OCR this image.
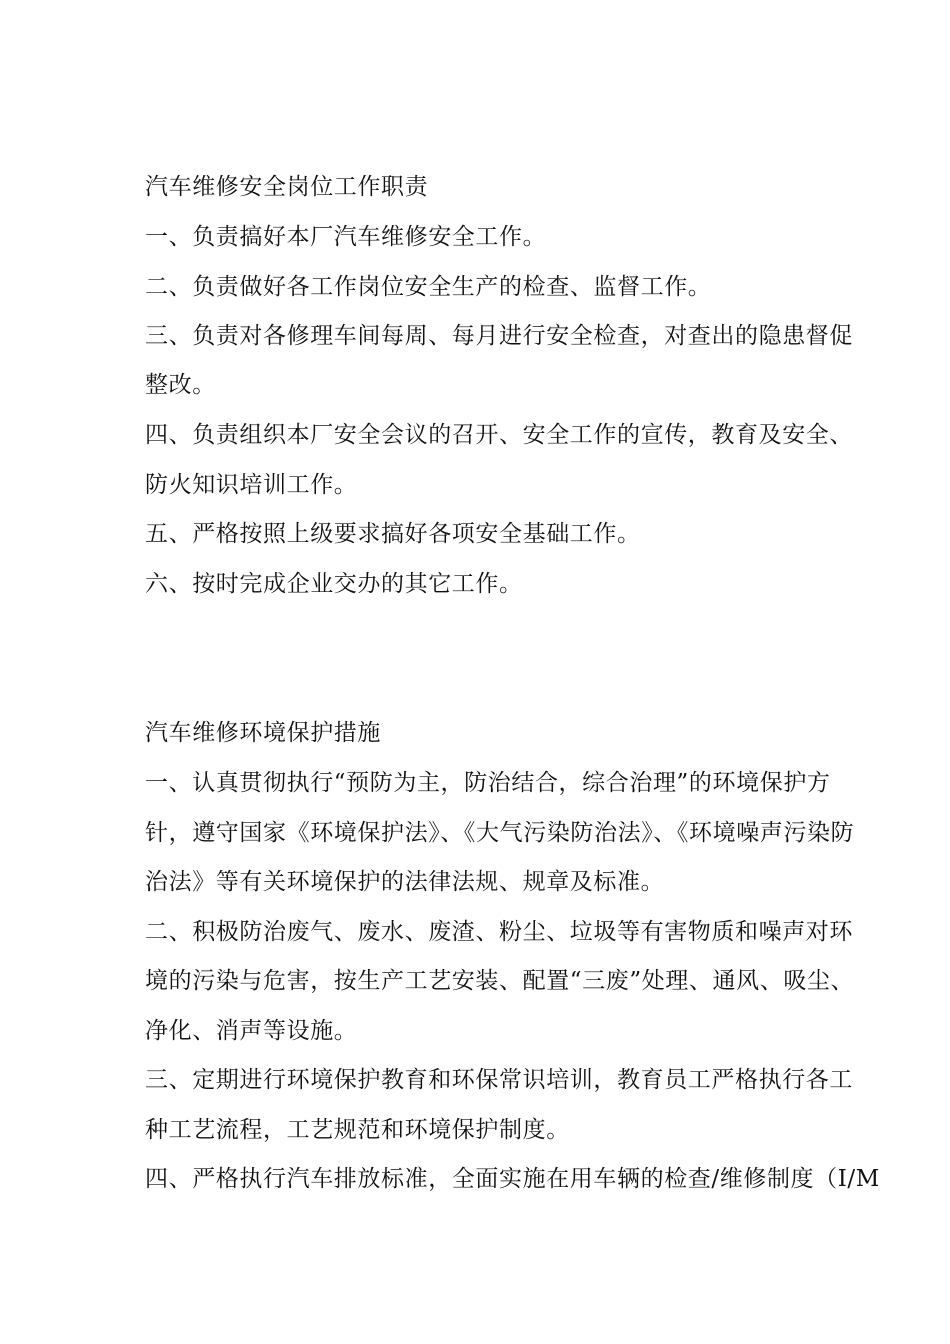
汽车维修安全岗位工作职责
一、负责搞好本厂汽车维修安全工作。
二、负责做好各工作岗位安全生产的检查、监督工作。
三、负责对各修理车间每周、每月进行安全检查，对查出的隐患督促
整改。
四、负责组织本厂安全会议的召开、安全工作的宣传，教育及安全、
防火知识培训工作。
五、严格按照上级要求搞好各项安全基础工作。
六、按时完成企业交办的其它工作。
汽车维修环境保护措施
一、认真贯彻执行“预防为主，防治结合，综合治理”的环境保护方
针，遵守国家《环境保护法》、《大气污染防治法》、《环境噪声污染防
治法》等有关环境保护的法律法规、规章及标准。
二、积极防治废气、废水、废渣、粉尘、垃圾等有害物质和噪声对环
境的污染与危害，按生产工艺安装、配置“三废”处理、通风、吸尘、
净化、消声等设施。
三、定期进行环境保护教育和环保常识培训，教育员工严格执行各工
种工艺流程，工艺规范和环境保护制度。
四、严格执行汽车排放标准，全面实施在用车辆的检查/维修制度（I/M
